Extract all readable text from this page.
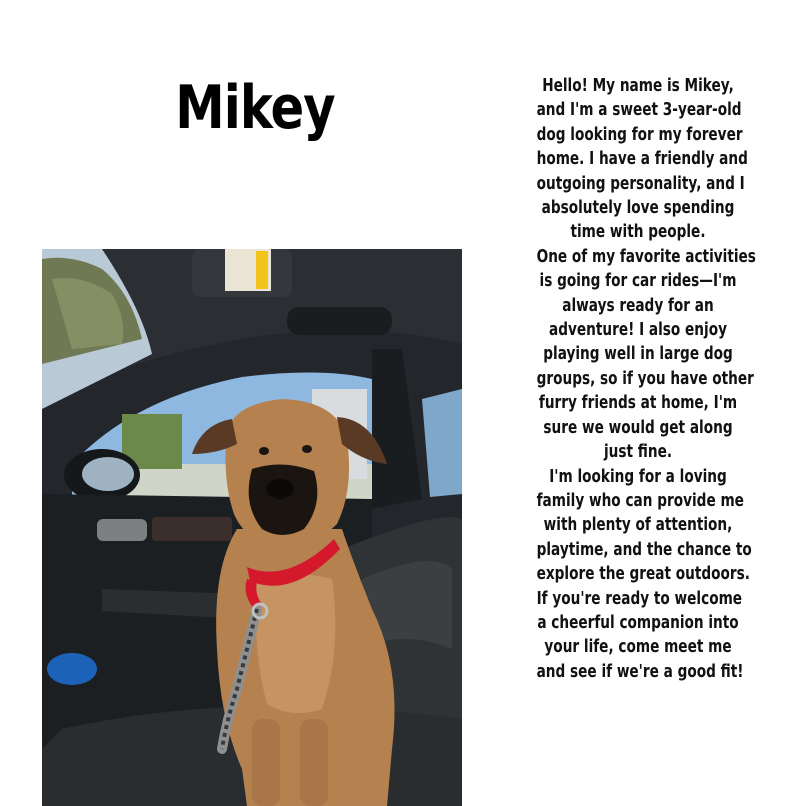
Mikey	Hello! My name is Mikey,
and I'm a sweet 3-year-old
dog looking for my forever
home. I have a friendly and
outgoing personality, and I
absolutely love spending
time with people.
One of my favorite activities
is going for car rides—I'm
always ready for an
adventure! I also enjoy
playing well in large dog
groups, so if you have other
furry friends at home, I'm
sure we would get along
just fine.
I'm looking for a loving
family who can provide me
with plenty of attention,
playtime, and the chance to
explore the great outdoors.
If you're ready to welcome
a cheerful companion into
your life, come meet me
and see if we're a good fit!
